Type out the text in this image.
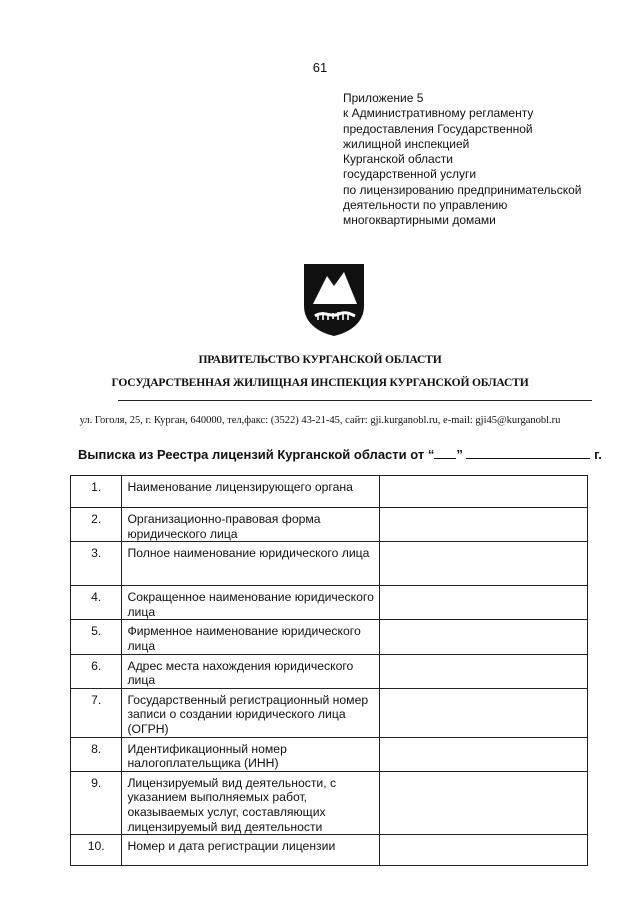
61
Приложение 5
к Административному регламенту
предоставления Государственной
жилищной инспекцией
Курганской области
государственной услуги
по лицензированию предпринимательской
деятельности по управлению
многоквартирными домами
ПРАВИТЕЛЬСТВО КУРГАНСКОЙ ОБЛАСТИ
ГОСУДАРСТВЕННАЯ ЖИЛИЩНАЯ ИНСПЕКЦИЯ КУРГАНСКОЙ ОБЛАСТИ
ул. Гоголя, 25, г. Курган, 640000, тел,факс: (3522) 43-21-45, сайт: gji.kurganobl.ru, e-mail: gji45@kurganobl.ru
Выписка из Реестра лицензий Курганской области от “ ”	г.
1.	Наименование лицензирующего органа	
2.	Организационно-правовая форма юридического лица	
3.	Полное наименование юридического лица	
4.	Сокращенное наименование юридического лица	
5.	Фирменное наименование юридического лица	
6.	Адрес места нахождения юридического лица	
7.	Государственный регистрационный номер записи о создании юридического лица (ОГРН)	
8.	Идентификационный номер налогоплательщика (ИНН)	
9.	Лицензируемый вид деятельности, с указанием выполняемых работ, оказываемых услуг, составляющих лицензируемый вид деятельности	
10.	Номер и дата регистрации лицензии	
